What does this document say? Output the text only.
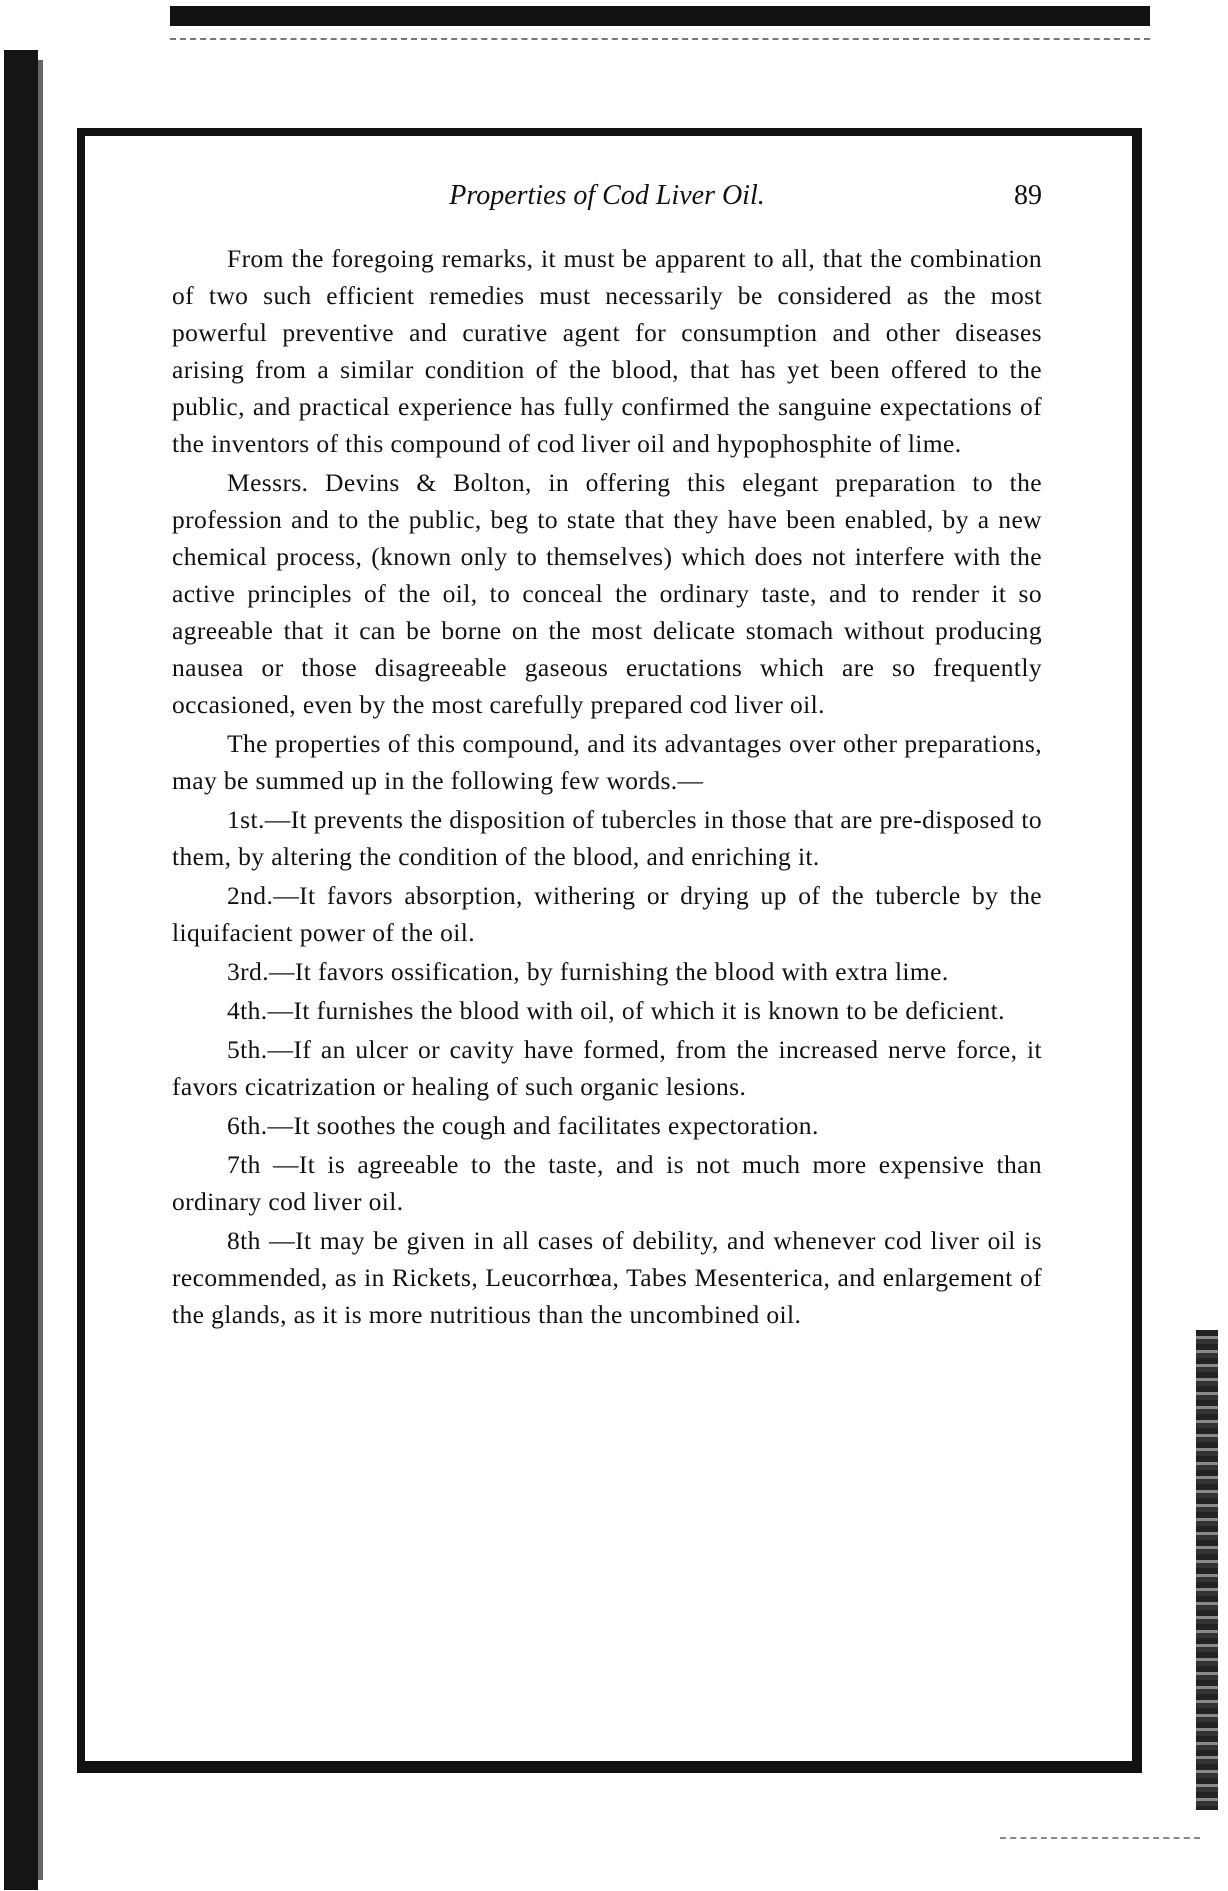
Properties of Cod Liver Oil.	89

From the foregoing remarks, it must be apparent to all, that the combination of two such efficient remedies must necessarily be considered as the most powerful preventive and curative agent for consumption and other diseases arising from a similar condition of the blood, that has yet been offered to the public, and practical experience has fully confirmed the sanguine expectations of the inventors of this compound of cod liver oil and hypophosphite of lime.

Messrs. Devins & Bolton, in offering this elegant preparation to the profession and to the public, beg to state that they have been enabled, by a new chemical process, (known only to themselves) which does not interfere with the active principles of the oil, to conceal the ordinary taste, and to render it so agreeable that it can be borne on the most delicate stomach without producing nausea or those disagreeable gaseous eructations which are so frequently occasioned, even by the most carefully prepared cod liver oil.

The properties of this compound, and its advantages over other preparations, may be summed up in the following few words.—

1st.—It prevents the disposition of tubercles in those that are pre-disposed to them, by altering the condition of the blood, and enriching it.

2nd.—It favors absorption, withering or drying up of the tubercle by the liquifacient power of the oil.

3rd.—It favors ossification, by furnishing the blood with extra lime.

4th.—It furnishes the blood with oil, of which it is known to be deficient.

5th.—If an ulcer or cavity have formed, from the increased nerve force, it favors cicatrization or healing of such organic lesions.

6th.—It soothes the cough and facilitates expectoration.

7th —It is agreeable to the taste, and is not much more expensive than ordinary cod liver oil.

8th —It may be given in all cases of debility, and whenever cod liver oil is recommended, as in Rickets, Leucorrhœa, Tabes Mesenterica, and enlargement of the glands, as it is more nutritious than the uncombined oil.
